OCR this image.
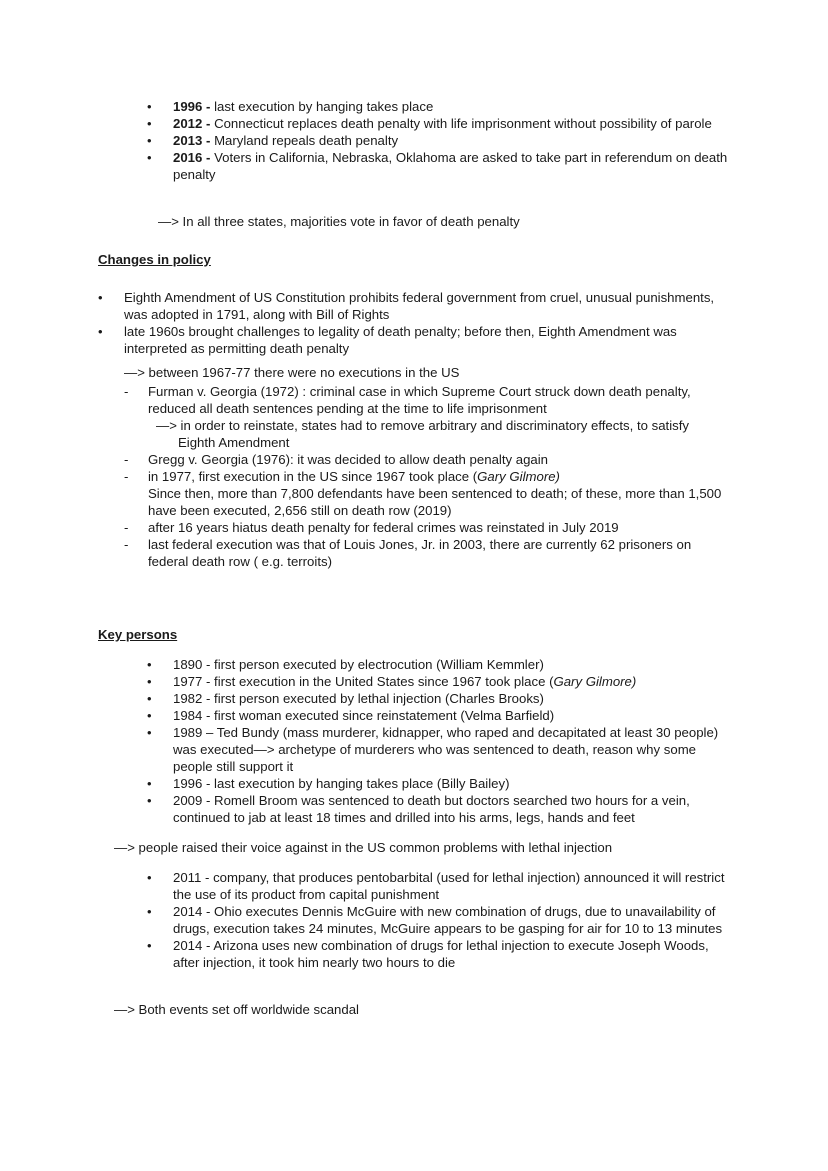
• 1996 - last execution by hanging takes place
• 2012 - Connecticut replaces death penalty with life imprisonment without possibility of parole
• 2013 - Maryland repeals death penalty
• 2016 - Voters in California, Nebraska, Oklahoma are asked to take part in referendum on death penalty
—> In all three states, majorities vote in favor of death penalty
Changes in policy
• Eighth Amendment of US Constitution prohibits federal government from cruel, unusual punishments, was adopted in 1791, along with Bill of Rights
• late 1960s brought challenges to legality of death penalty; before then, Eighth Amendment was interpreted as permitting death penalty
—> between 1967-77 there were no executions in the US
- Furman v. Georgia (1972) : criminal case in which Supreme Court struck down death penalty, reduced all death sentences pending at the time to life imprisonment
—> in order to reinstate, states had to remove arbitrary and discriminatory effects, to satisfy Eighth Amendment
- Gregg v. Georgia (1976): it was decided to allow death penalty again
- in 1977, first execution in the US since 1967 took place (Gary Gilmore)
Since then, more than 7,800 defendants have been sentenced to death; of these, more than 1,500 have been executed, 2,656 still on death row (2019)
- after 16 years hiatus death penalty for federal crimes was reinstated in July 2019
- last federal execution was that of Louis Jones, Jr. in 2003, there are currently 62 prisoners on federal death row ( e.g. terroits)
Key persons
• 1890 - first person executed by electrocution (William Kemmler)
• 1977 - first execution in the United States since 1967 took place (Gary Gilmore)
• 1982 - first person executed by lethal injection (Charles Brooks)
• 1984 - first woman executed since reinstatement (Velma Barfield)
• 1989 – Ted Bundy (mass murderer, kidnapper, who raped and decapitated at least 30 people) was executed—> archetype of murderers who was sentenced to death, reason why some people still support it
• 1996 - last execution by hanging takes place (Billy Bailey)
• 2009 - Romell Broom was sentenced to death but doctors searched two hours for a vein, continued to jab at least 18 times and drilled into his arms, legs, hands and feet
—> people raised their voice against in the US common problems with lethal injection
• 2011 - company, that produces pentobarbital (used for lethal injection) announced it will restrict the use of its product from capital punishment
• 2014 - Ohio executes Dennis McGuire with new combination of drugs, due to unavailability of drugs, execution takes 24 minutes, McGuire appears to be gasping for air for 10 to 13 minutes
• 2014 - Arizona uses new combination of drugs for lethal injection to execute Joseph Woods, after injection, it took him nearly two hours to die
—> Both events set off worldwide scandal
